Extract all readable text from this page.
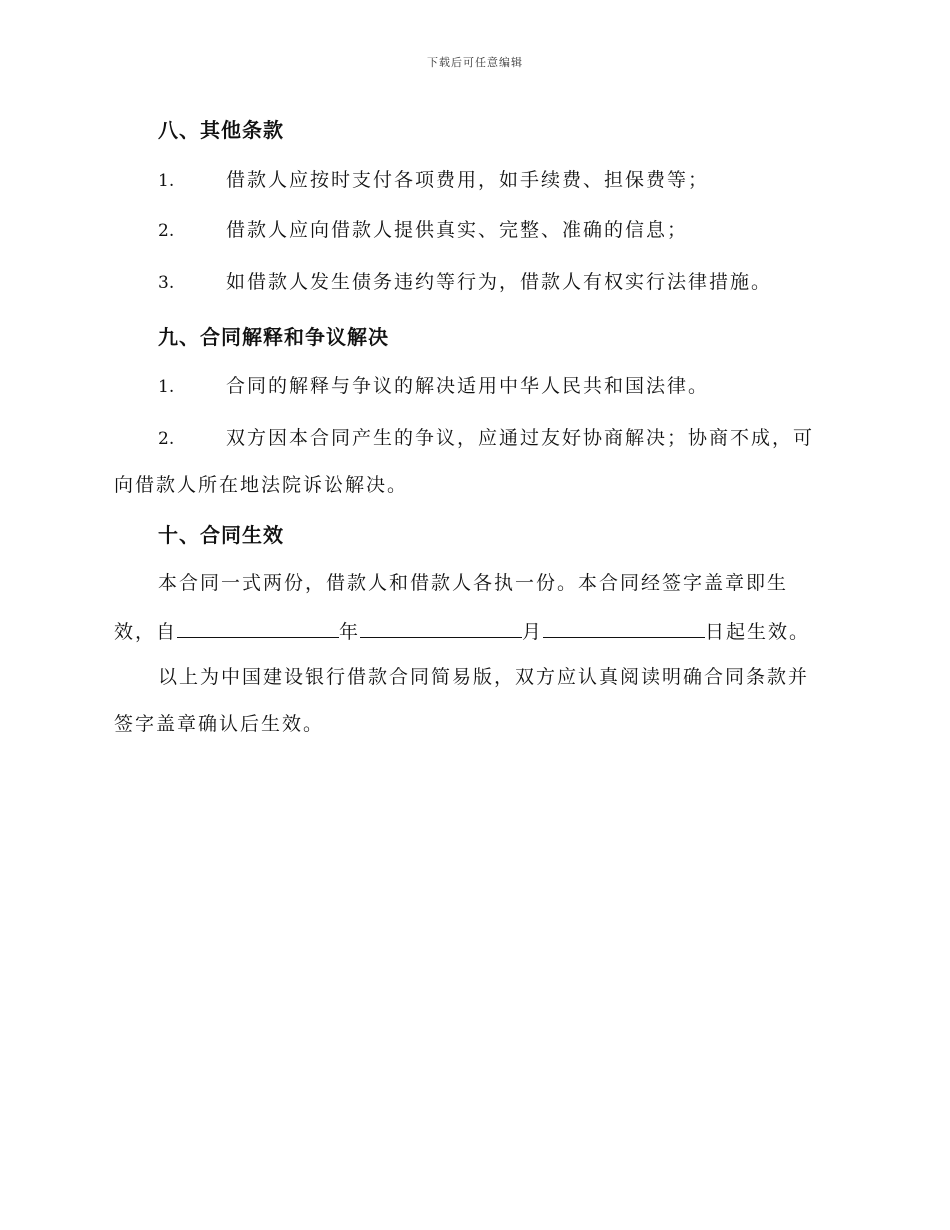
下载后可任意编辑
八、其他条款
1.	借款人应按时支付各项费用，如手续费、担保费等；
2.	借款人应向借款人提供真实、完整、准确的信息；
3.	如借款人发生债务违约等行为，借款人有权实行法律措施。
九、合同解释和争议解决
1.	合同的解释与争议的解决适用中华人民共和国法律。
2.	双方因本合同产生的争议，应通过友好协商解决；协商不成，可
向借款人所在地法院诉讼解决。
十、合同生效
本合同一式两份，借款人和借款人各执一份。本合同经签字盖章即生
效，自	年	月	日起生效。
以上为中国建设银行借款合同简易版，双方应认真阅读明确合同条款并
签字盖章确认后生效。
